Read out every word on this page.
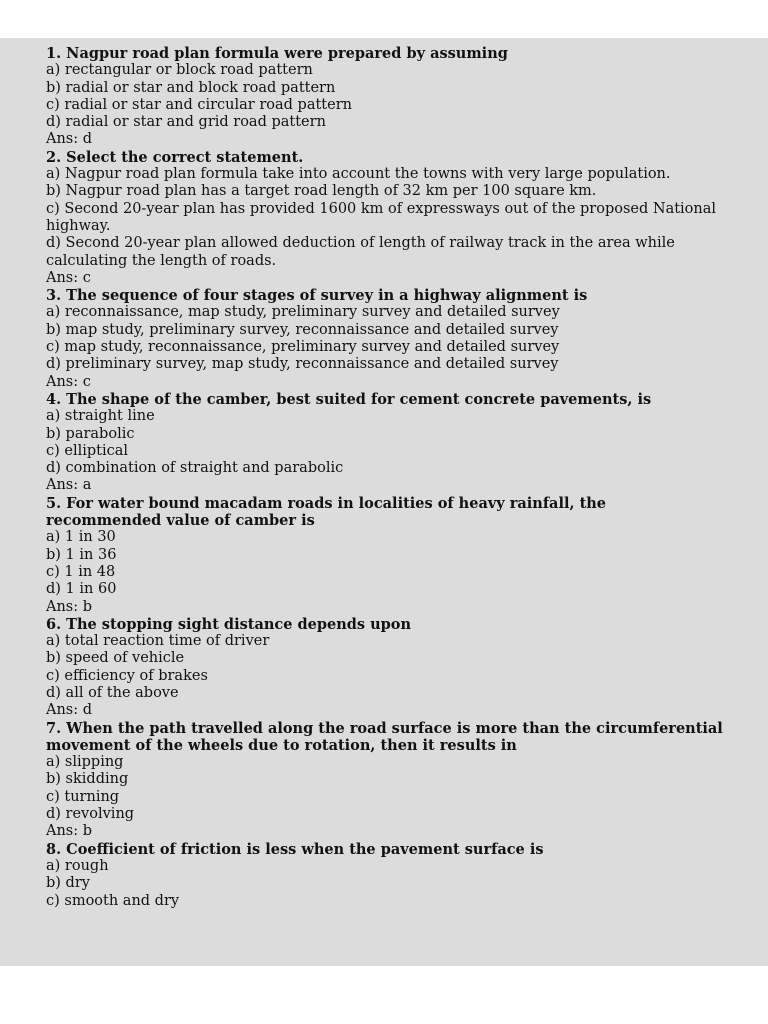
1. Nagpur road plan formula were prepared by assuming
a) rectangular or block road pattern
b) radial or star and block road pattern
c) radial or star and circular road pattern
d) radial or star and grid road pattern
Ans: d
2. Select the correct statement.
a) Nagpur road plan formula take into account the towns with very large population.
b) Nagpur road plan has a target road length of 32 km per 100 square km.
c) Second 20-year plan has provided 1600 km of expressways out of the proposed National highway.
d) Second 20-year plan allowed deduction of length of railway track in the area while calculating the length of roads.
Ans: c
3. The sequence of four stages of survey in a highway alignment is
a) reconnaissance, map study, preliminary survey and detailed survey
b) map study, preliminary survey, reconnaissance and detailed survey
c) map study, reconnaissance, preliminary survey and detailed survey
d) preliminary survey, map study, reconnaissance and detailed survey
Ans: c
4. The shape of the camber, best suited for cement concrete pavements, is
a) straight line
b) parabolic
c) elliptical
d) combination of straight and parabolic
Ans: a
5. For water bound macadam roads in localities of heavy rainfall, the recommended value of camber is
a) 1 in 30
b) 1 in 36
c) 1 in 48
d) 1 in 60
Ans: b
6. The stopping sight distance depends upon
a) total reaction time of driver
b) speed of vehicle
c) efficiency of brakes
d) all of the above
Ans: d
7. When the path travelled along the road surface is more than the circumferential movement of the wheels due to rotation, then it results in
a) slipping
b) skidding
c) turning
d) revolving
Ans: b
8. Coefficient of friction is less when the pavement surface is
a) rough
b) dry
c) smooth and dry
